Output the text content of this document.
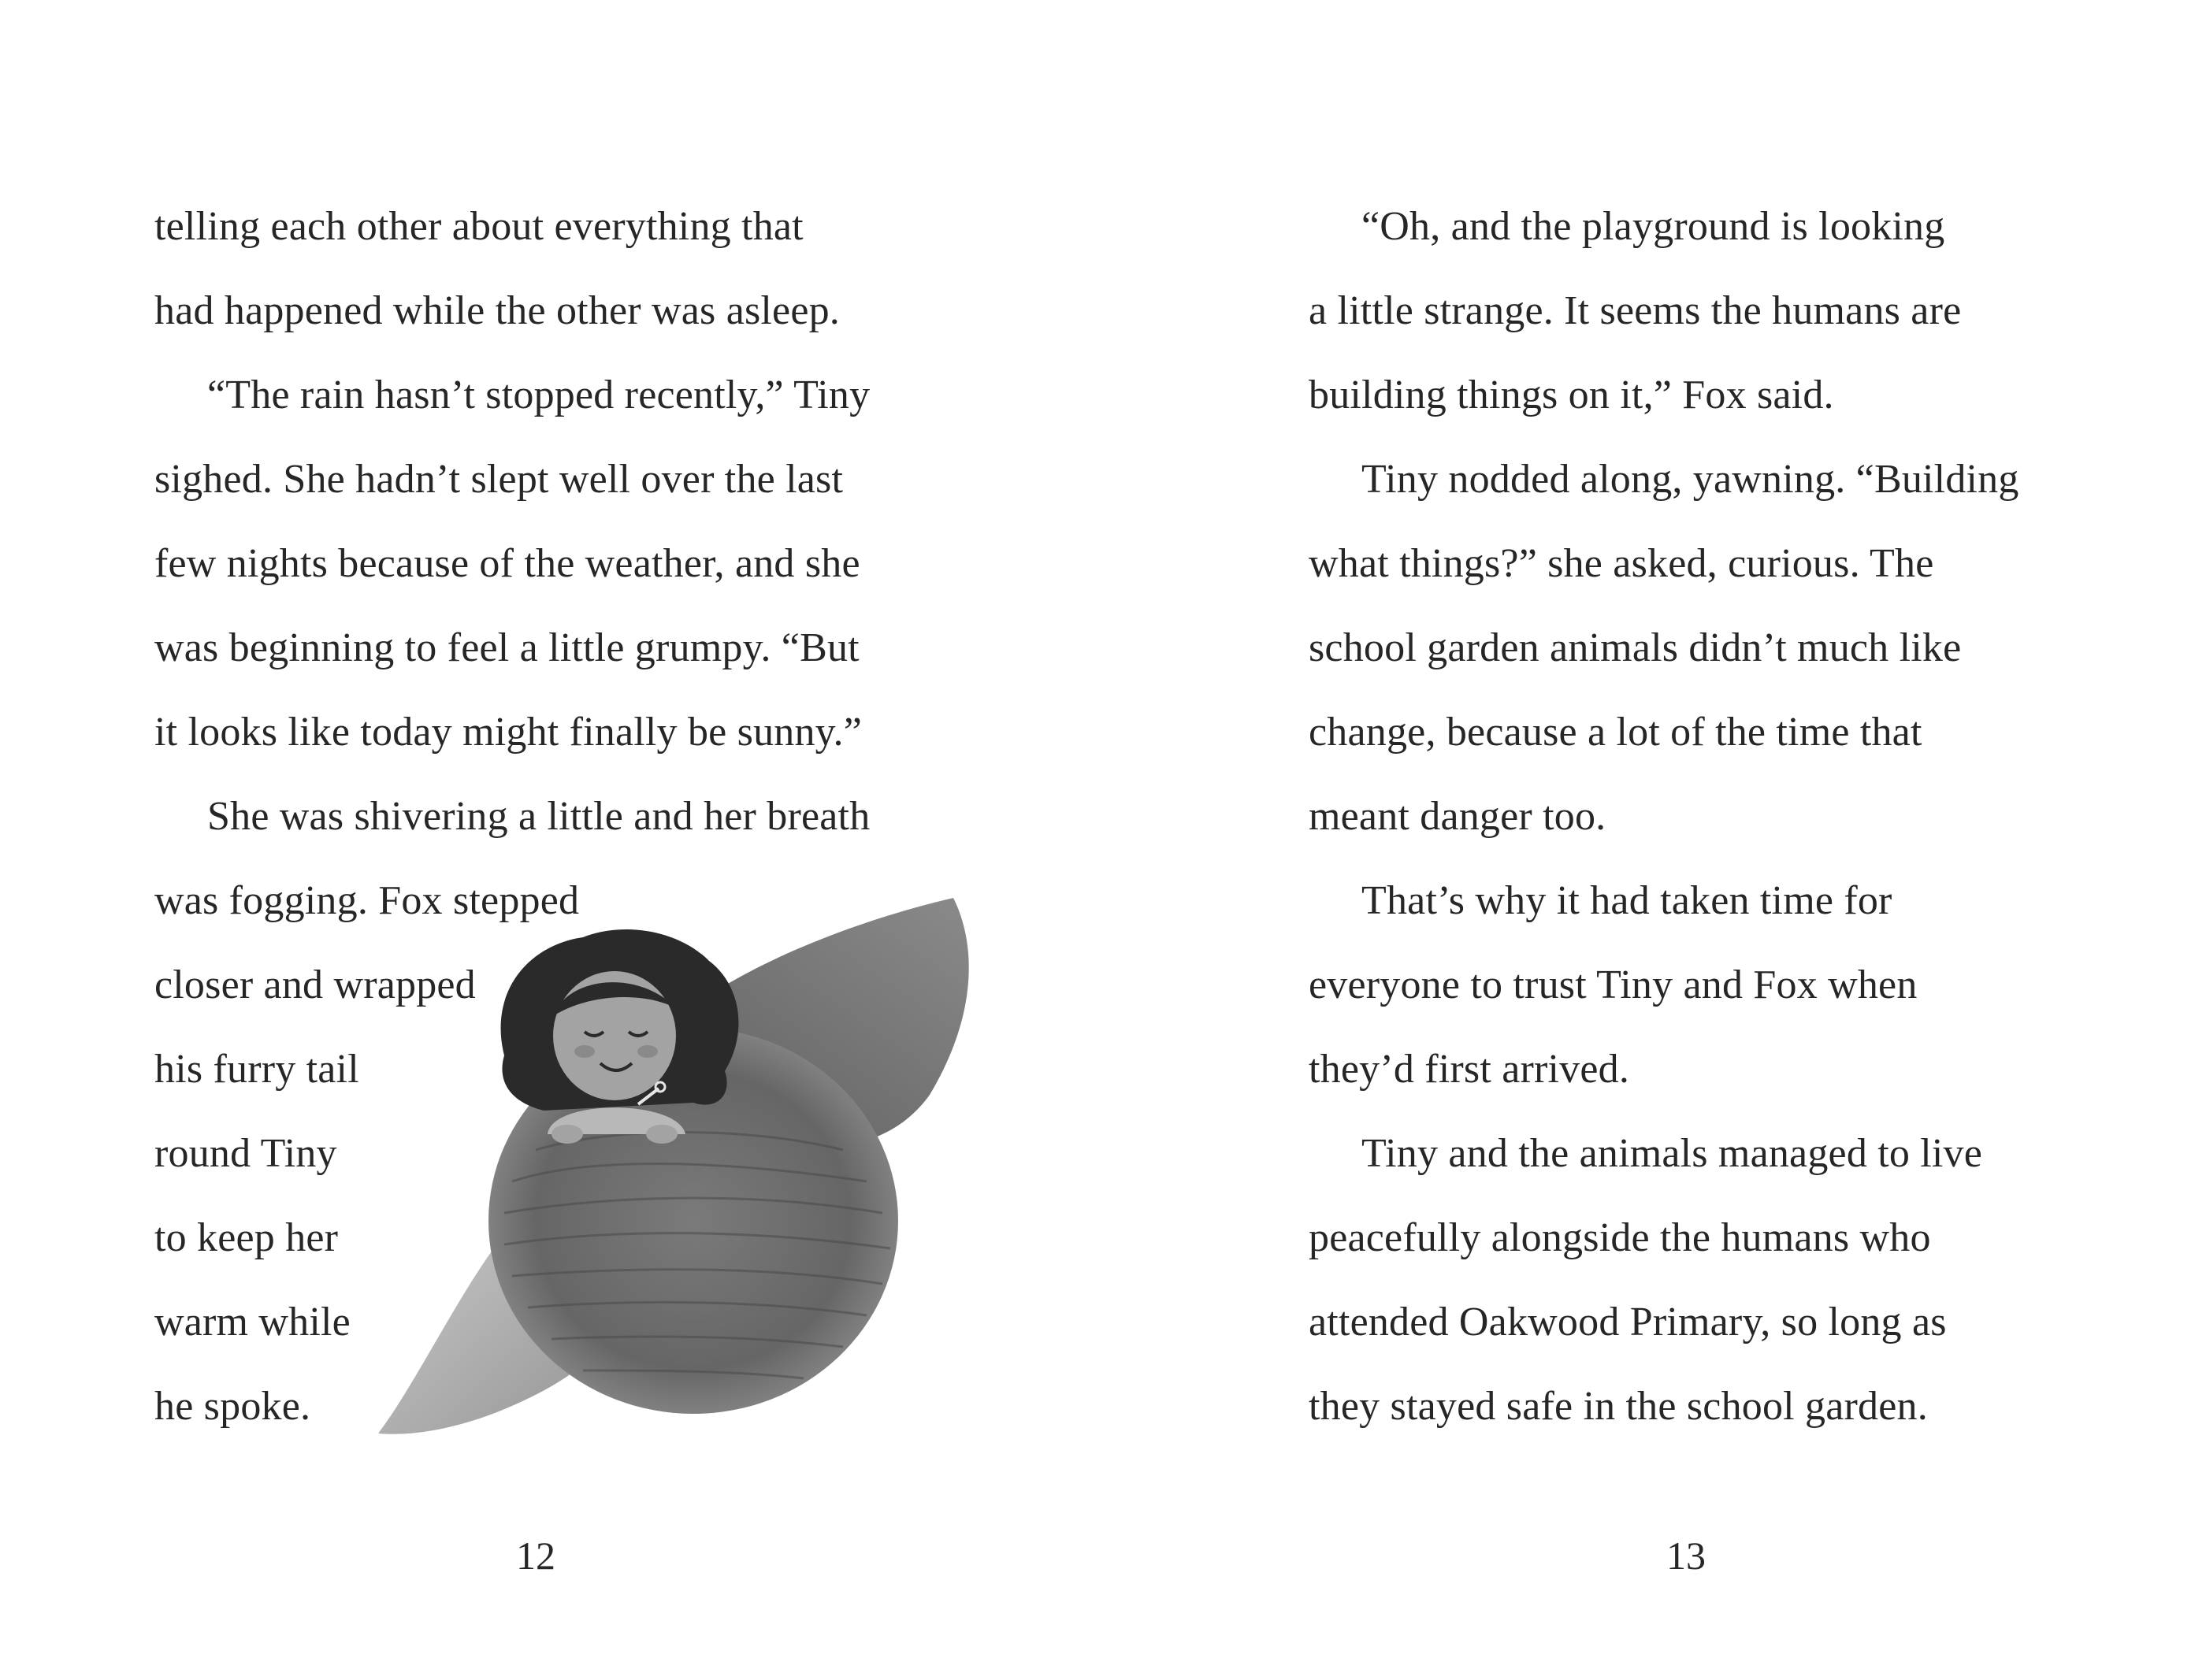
telling each other about everything that
had happened while the other was asleep.
“The rain hasn’t stopped recently,” Tiny
sighed. She hadn’t slept well over the last
few nights because of the weather, and she
was beginning to feel a little grumpy. “But
it looks like today might finally be sunny.”
She was shivering a little and her breath
was fogging. Fox stepped
closer and wrapped
his furry tail
round Tiny
to keep her
warm while
he spoke.
12
“Oh, and the playground is looking
a little strange. It seems the humans are
building things on it,” Fox said.
Tiny nodded along, yawning. “Building
what things?” she asked, curious. The
school garden animals didn’t much like
change, because a lot of the time that
meant danger too.
That’s why it had taken time for
everyone to trust Tiny and Fox when
they’d first arrived.
Tiny and the animals managed to live
peacefully alongside the humans who
attended Oakwood Primary, so long as
they stayed safe in the school garden.
13
